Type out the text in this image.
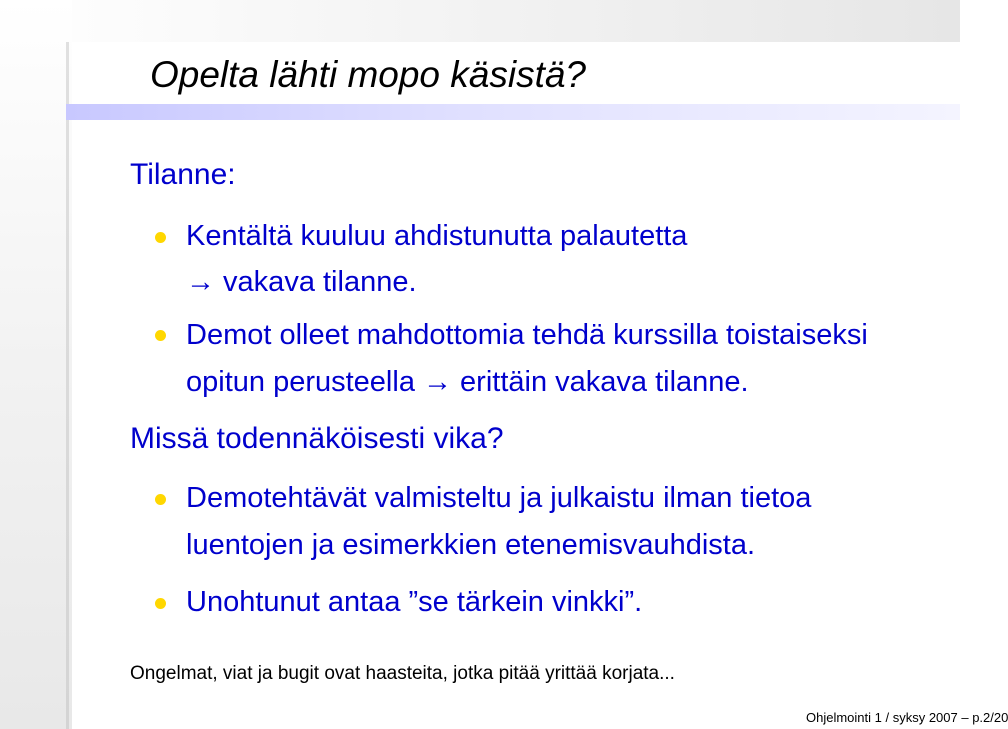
Opelta lähti mopo käsistä?

Tilanne:

Kentältä kuuluu ahdistunutta palautetta

→ vakava tilanne.

Demot olleet mahdottomia tehdä kurssilla toistaiseksi

opitun perusteella → erittäin vakava tilanne.

Missä todennäköisesti vika?

Demotehtävät valmisteltu ja julkaistu ilman tietoa

luentojen ja esimerkkien etenemisvauhdista.

Unohtunut antaa ”se tärkein vinkki”.

Ongelmat, viat ja bugit ovat haasteita, jotka pitää yrittää korjata...

Ohjelmointi 1 / syksy 2007 – p.2/20
